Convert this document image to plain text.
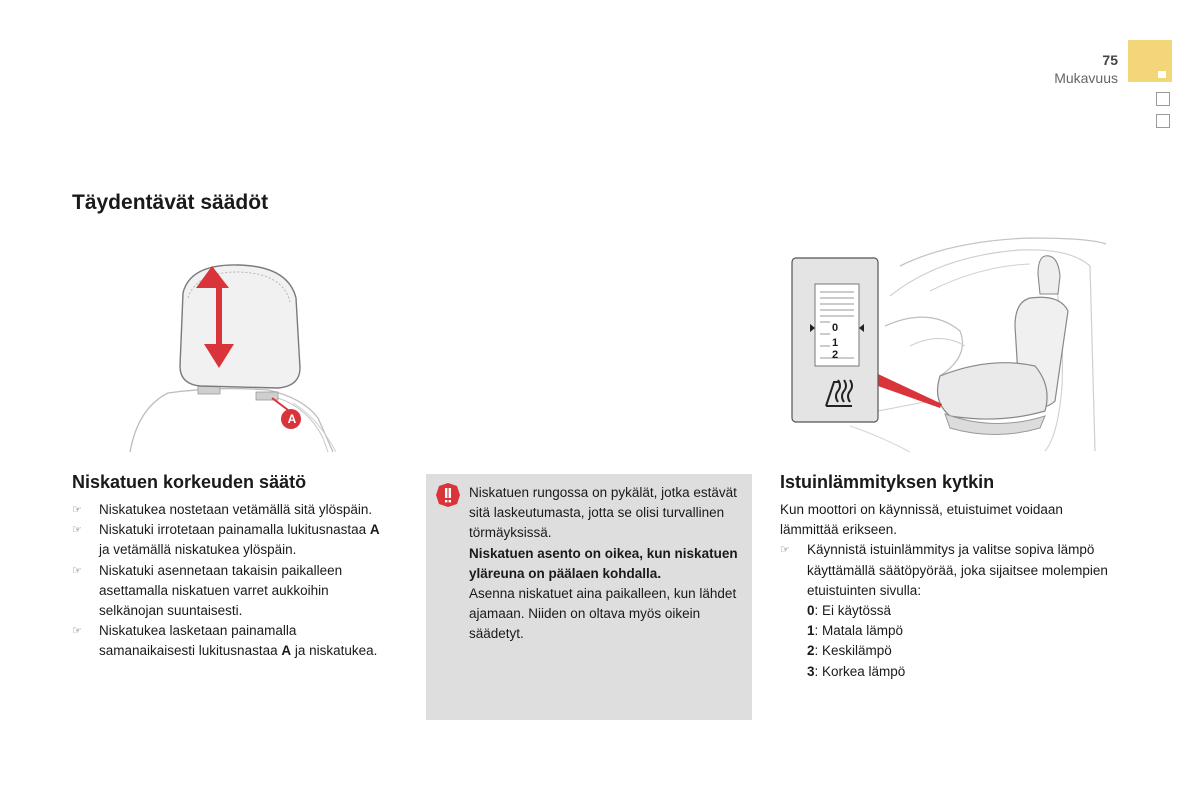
75
Mukavuus
Täydentävät säädöt
A
0
1
2
Niskatuen korkeuden säätö
☞ Niskatukea nostetaan vetämällä sitä ylöspäin.
☞ Niskatuki irrotetaan painamalla lukitusnastaa A ja vetämällä niskatukea ylöspäin.
☞ Niskatuki asennetaan takaisin paikalleen asettamalla niskatuen varret aukkoihin selkänojan suuntaisesti.
☞ Niskatukea lasketaan painamalla samanaikaisesti lukitusnastaa A ja niskatukea.

Niskatuen rungossa on pykälät, jotka estävät sitä laskeutumasta, jotta se olisi turvallinen törmäyksissä.

Niskatuen asento on oikea, kun niskatuen yläreuna on päälaen kohdalla.

Asenna niskatuet aina paikalleen, kun lähdet ajamaan. Niiden on oltava myös oikein säädetyt.

Istuinlämmityksen kytkin

Kun moottori on käynnissä, etuistuimet voidaan lämmittää erikseen.

☞ Käynnistä istuinlämmitys ja valitse sopiva lämpö käyttämällä säätöpyörää, joka sijaitsee molempien etuistuinten sivulla:
0: Ei käytössä
1: Matala lämpö
2: Keskilämpö
3: Korkea lämpö
